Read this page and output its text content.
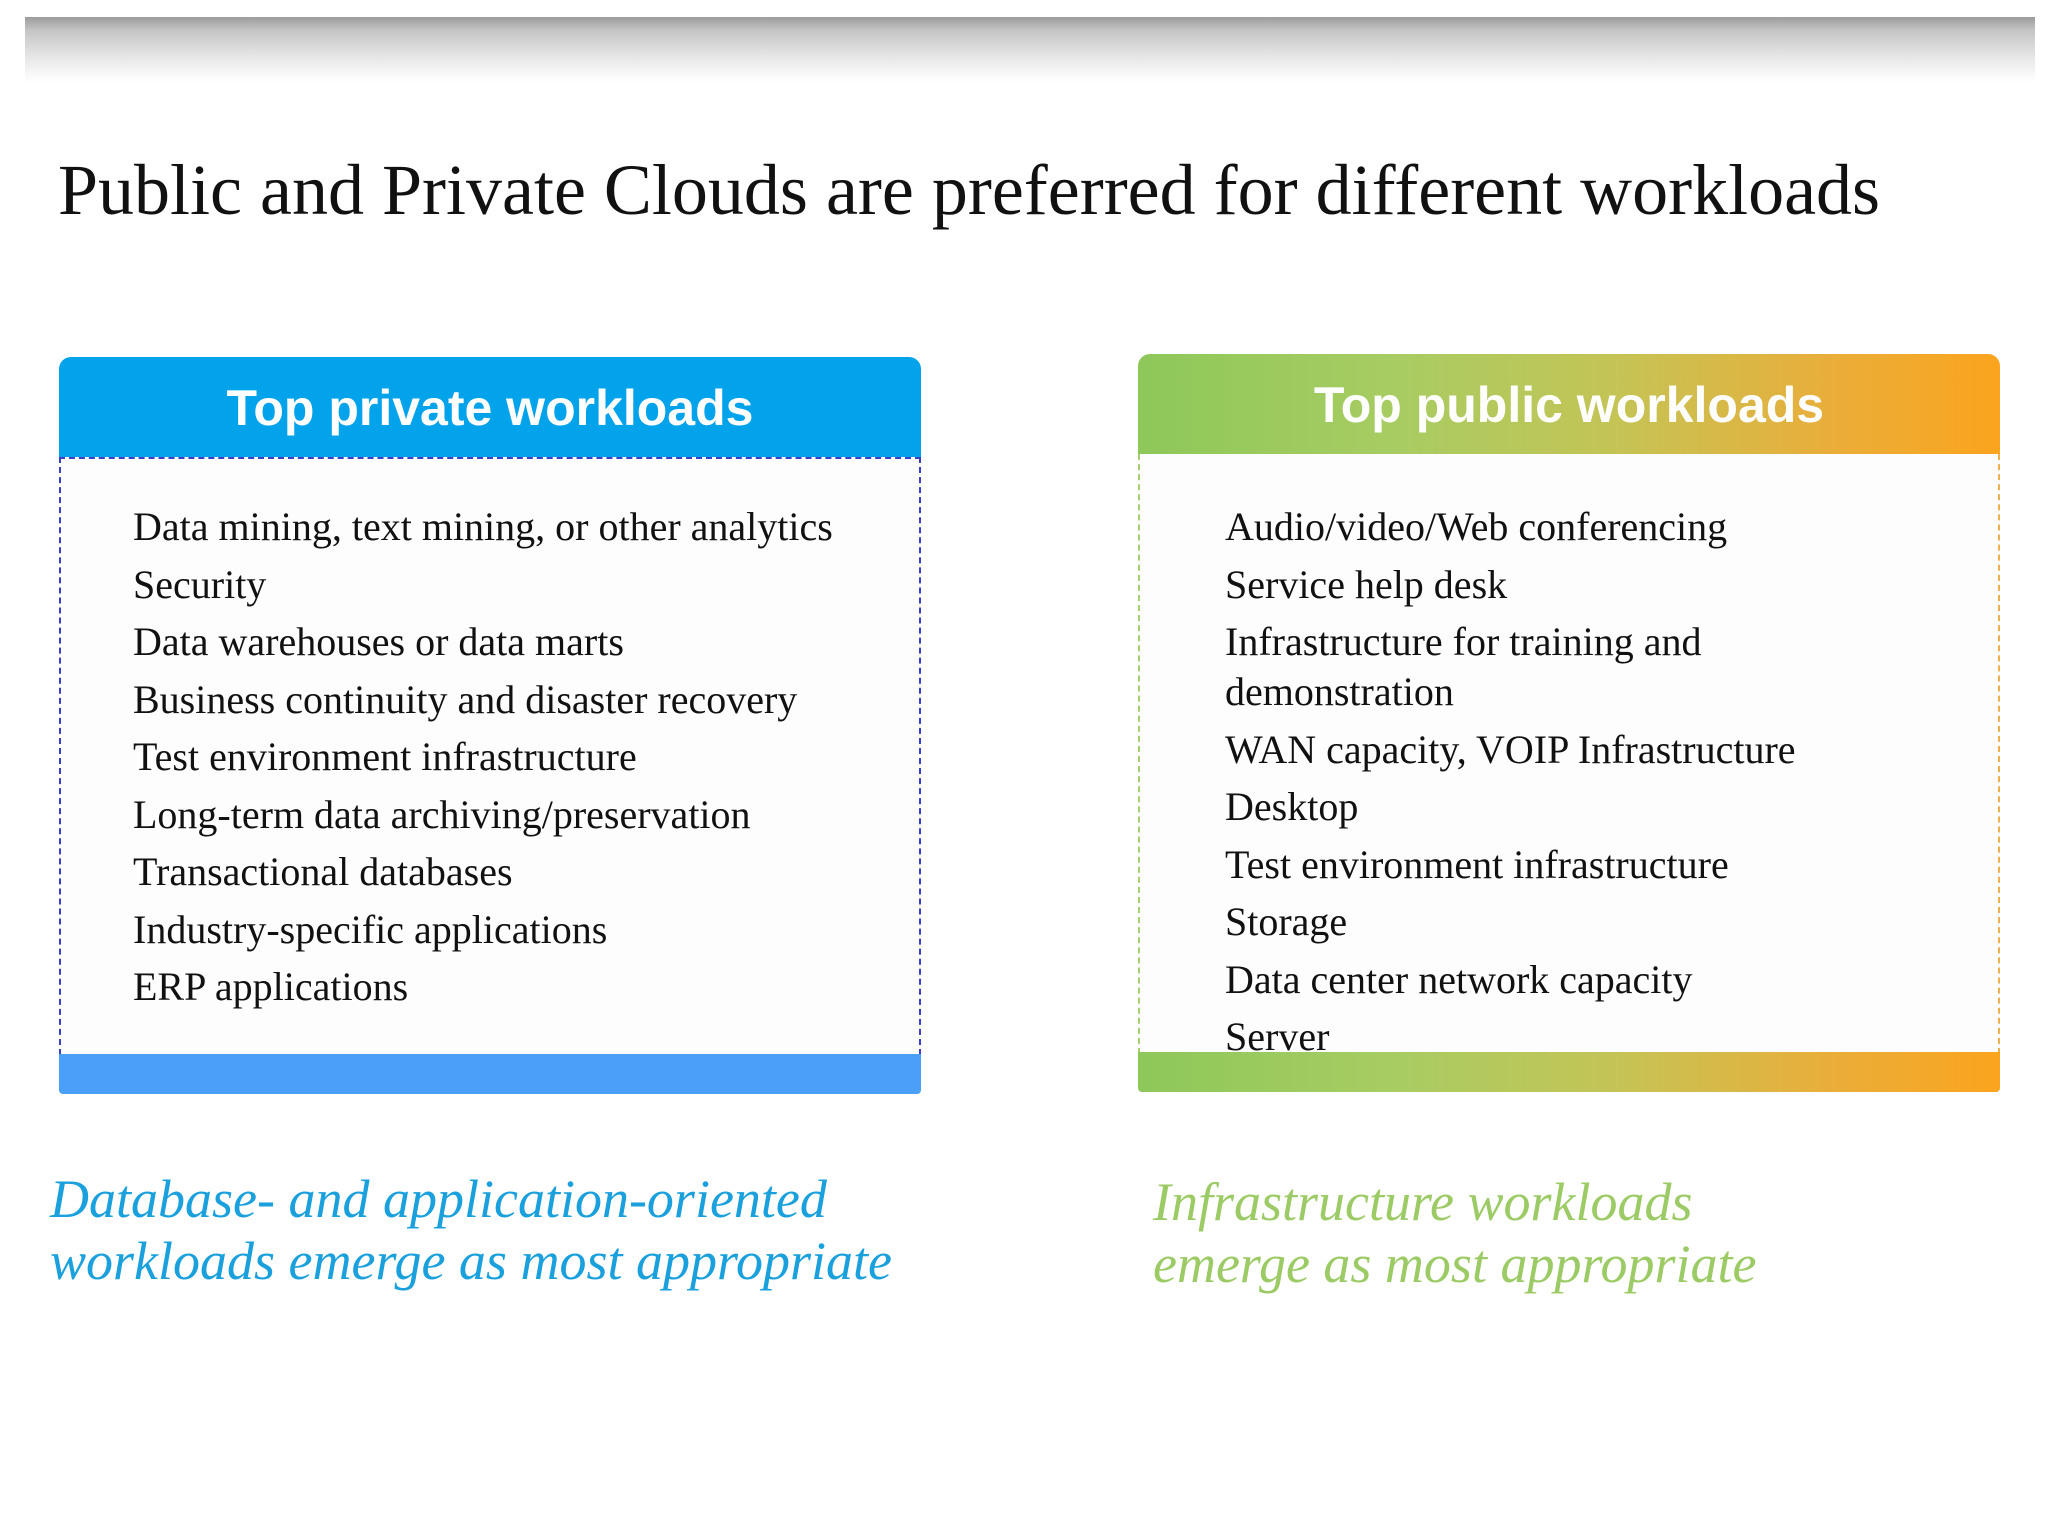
Public and Private Clouds are preferred for different workloads
Top private workloads
Data mining, text mining, or other analytics
Security
Data warehouses or data marts
Business continuity and disaster recovery
Test environment infrastructure
Long-term data archiving/preservation
Transactional databases
Industry-specific applications
ERP applications
Top public workloads
Audio/video/Web conferencing
Service help desk
Infrastructure for training and demonstration
WAN capacity, VOIP Infrastructure
Desktop
Test environment infrastructure
Storage
Data center network capacity
Server

Database- and application-oriented
workloads emerge as most appropriate

Infrastructure workloads
emerge as most appropriate
